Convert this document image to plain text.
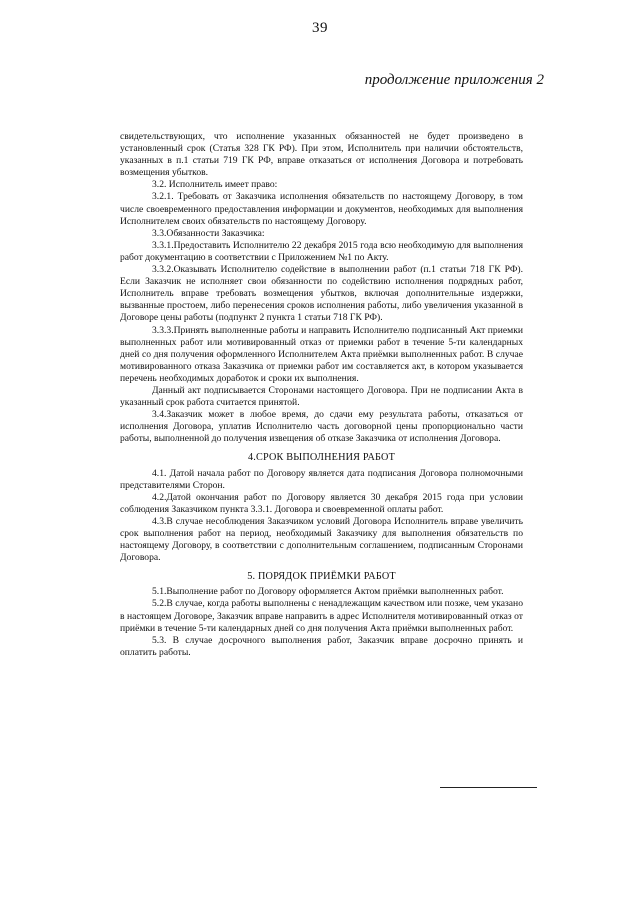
39
продолжение приложения 2

свидетельствующих, что исполнение указанных обязанностей не будет произведено в установленный срок (Статья 328 ГК РФ). При этом, Исполнитель при наличии обстоятельств, указанных в п.1 статьи 719 ГК РФ, вправе отказаться от исполнения Договора и потребовать возмещения убытков.

3.2. Исполнитель имеет право:

3.2.1. Требовать от Заказчика исполнения обязательств по настоящему Договору, в том числе своевременного предоставления информации и документов, необходимых для выполнения Исполнителем своих обязательств по настоящему Договору.

3.3.Обязанности Заказчика:

3.3.1.Предоставить Исполнителю 22 декабря 2015 года всю необходимую для выполнения работ документацию в соответствии с Приложением №1 по Акту.

3.3.2.Оказывать Исполнителю содействие в выполнении работ (п.1 статьи 718 ГК РФ). Если Заказчик не исполняет свои обязанности по содействию исполнения подрядных работ, Исполнитель вправе требовать возмещения убытков, включая дополнительные издержки, вызванные простоем, либо перенесения сроков исполнения работы, либо увеличения указанной в Договоре цены работы (подпункт 2 пункта 1 статьи 718 ГК РФ).

3.3.3.Принять выполненные работы и направить Исполнителю подписанный Акт приемки выполненных работ или мотивированный отказ от приемки работ в течение 5-ти календарных дней со дня получения оформленного Исполнителем Акта приёмки выполненных работ. В случае мотивированного отказа Заказчика от приемки работ им составляется акт, в котором указывается перечень необходимых доработок и сроки их выполнения.

Данный акт подписывается Сторонами настоящего Договора. При не подписании Акта в указанный срок работа считается принятой.

3.4.Заказчик может в любое время, до сдачи ему результата работы, отказаться от исполнения Договора, уплатив Исполнителю часть договорной цены пропорционально части работы, выполненной до получения извещения об отказе Заказчика от исполнения Договора.

4.СРОК ВЫПОЛНЕНИЯ РАБОТ

4.1. Датой начала работ по Договору является дата подписания Договора полномочными представителями Сторон.

4.2.Датой окончания работ по Договору является 30 декабря 2015 года при условии соблюдения Заказчиком пункта 3.3.1. Договора и своевременной оплаты работ.

4.3.В случае несоблюдения Заказчиком условий Договора Исполнитель вправе увеличить срок выполнения работ на период, необходимый Заказчику для выполнения обязательств по настоящему Договору, в соответствии с дополнительным соглашением, подписанным Сторонами Договора.

5. ПОРЯДОК ПРИЁМКИ РАБОТ

5.1.Выполнение работ по Договору оформляется Актом приёмки выполненных работ.

5.2.В случае, когда работы выполнены с ненадлежащим качеством или позже, чем указано в настоящем Договоре, Заказчик вправе направить в адрес Исполнителя мотивированный отказ от приёмки в течение 5-ти календарных дней со дня получения Акта приёмки выполненных работ.

5.3. В случае досрочного выполнения работ, Заказчик вправе досрочно принять и оплатить работы.
